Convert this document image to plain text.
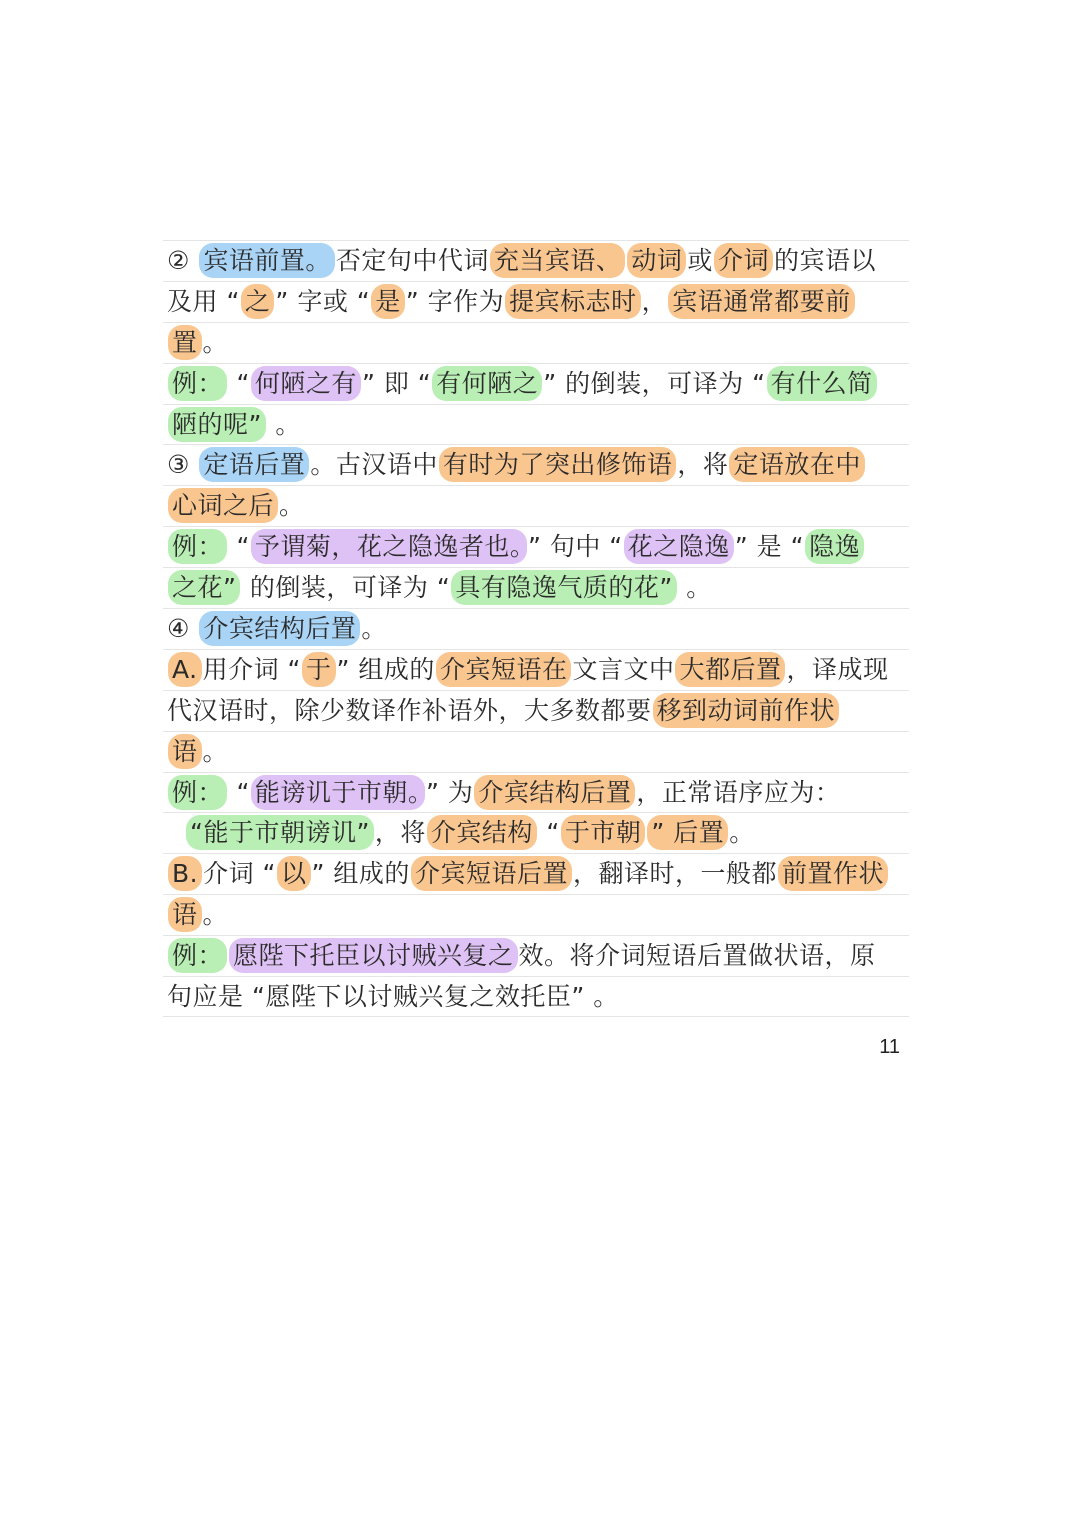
② 宾语前置。 否定句中代词 充当宾语、 动词 或 介词 的宾语以
及用 “ 之 ” 字或 “ 是 ” 字作为 提宾标志时 ， 宾语通常都要前
置 。
例： “ 何陋之有 ” 即 “ 有何陋之 ” 的倒装，可译为 “ 有什么简
陋的呢” 。
③ 定语后置 。古汉语中 有时为了突出修饰语 ，将 定语放在中
心词之后 。
例： “ 予谓菊，花之隐逸者也。 ” 句中 “ 花之隐逸 ” 是 “ 隐逸
之花” 的倒装，可译为 “ 具有隐逸气质的花” 。
④ 介宾结构后置 。
A. 用介词 “ 于 ” 组成的 介宾短语在 文言文中 大都后置 ，译成现
代汉语时，除少数译作补语外，大多数都要 移到动词前作状
语 。
例： “ 能谤讥于市朝。 ” 为 介宾结构后置 ，正常语序应为：
“能于市朝谤讥” ，将 介宾结构 “ 于市朝 ” 后置 。
B. 介词 “ 以 ” 组成的 介宾短语后置 ，翻译时，一般都 前置作状
语 。
例： 愿陛下托臣以讨贼兴复之 效。将介词短语后置做状语，原
句应是 “愿陛下以讨贼兴复之效托臣” 。
11
